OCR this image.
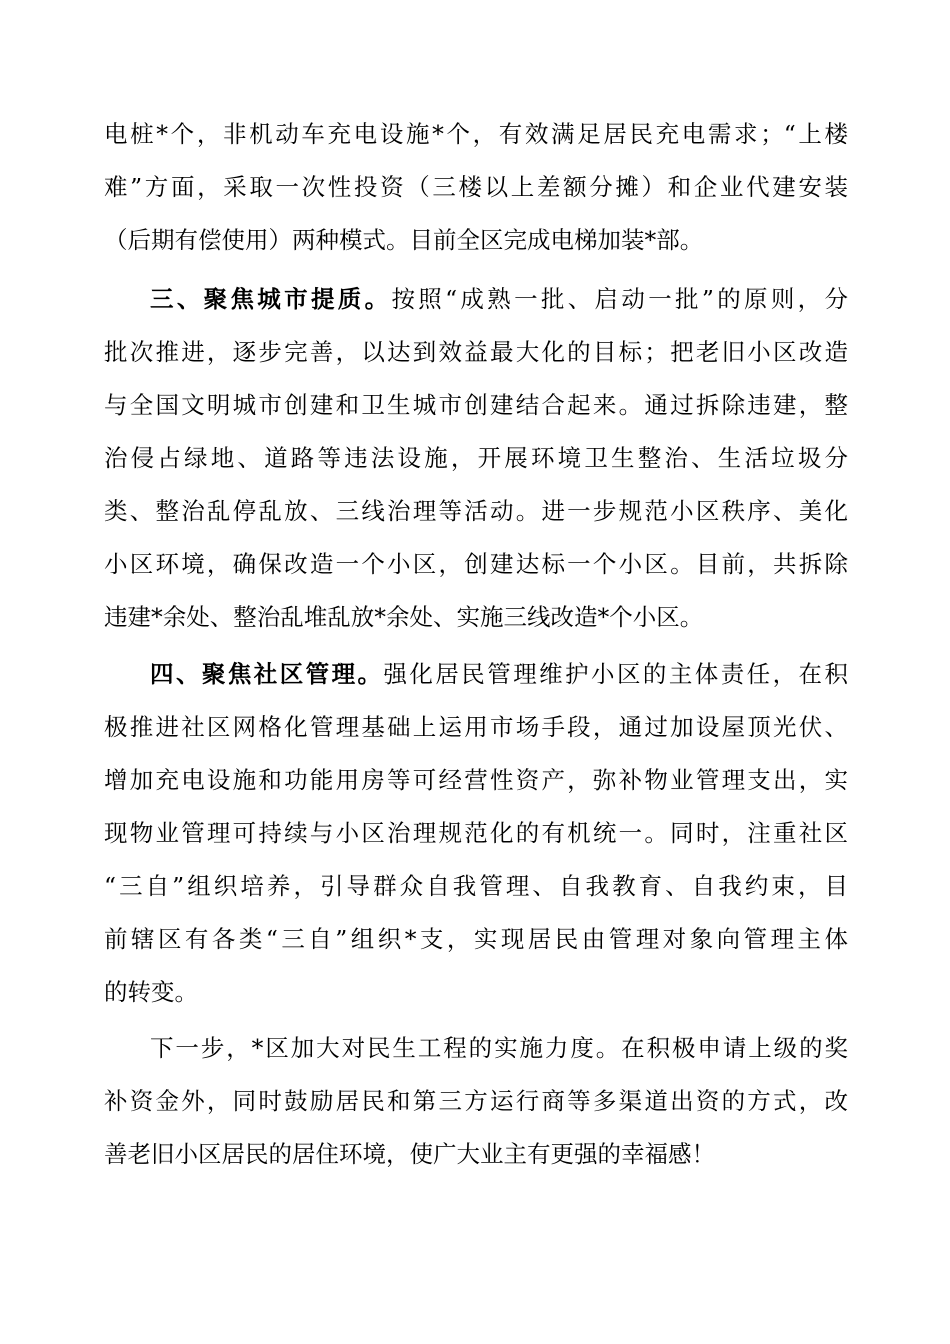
电桩*个，非机动车充电设施*个，有效满足居民充电需求；“上楼
难”方面，采取一次性投资（三楼以上差额分摊）和企业代建安装
（后期有偿使用）两种模式。目前全区完成电梯加装*部。
三、聚焦城市提质。按照“成熟一批、启动一批”的原则，分
批次推进，逐步完善，以达到效益最大化的目标；把老旧小区改造
与全国文明城市创建和卫生城市创建结合起来。通过拆除违建，整
治侵占绿地、道路等违法设施，开展环境卫生整治、生活垃圾分
类、整治乱停乱放、三线治理等活动。进一步规范小区秩序、美化
小区环境，确保改造一个小区，创建达标一个小区。目前，共拆除
违建*余处、整治乱堆乱放*余处、实施三线改造*个小区。
四、聚焦社区管理。强化居民管理维护小区的主体责任，在积
极推进社区网格化管理基础上运用市场手段，通过加设屋顶光伏、
增加充电设施和功能用房等可经营性资产，弥补物业管理支出，实
现物业管理可持续与小区治理规范化的有机统一。同时，注重社区
“三自”组织培养，引导群众自我管理、自我教育、自我约束，目
前辖区有各类“三自”组织*支，实现居民由管理对象向管理主体
的转变。
下一步，*区加大对民生工程的实施力度。在积极申请上级的奖
补资金外，同时鼓励居民和第三方运行商等多渠道出资的方式，改
善老旧小区居民的居住环境，使广大业主有更强的幸福感！
